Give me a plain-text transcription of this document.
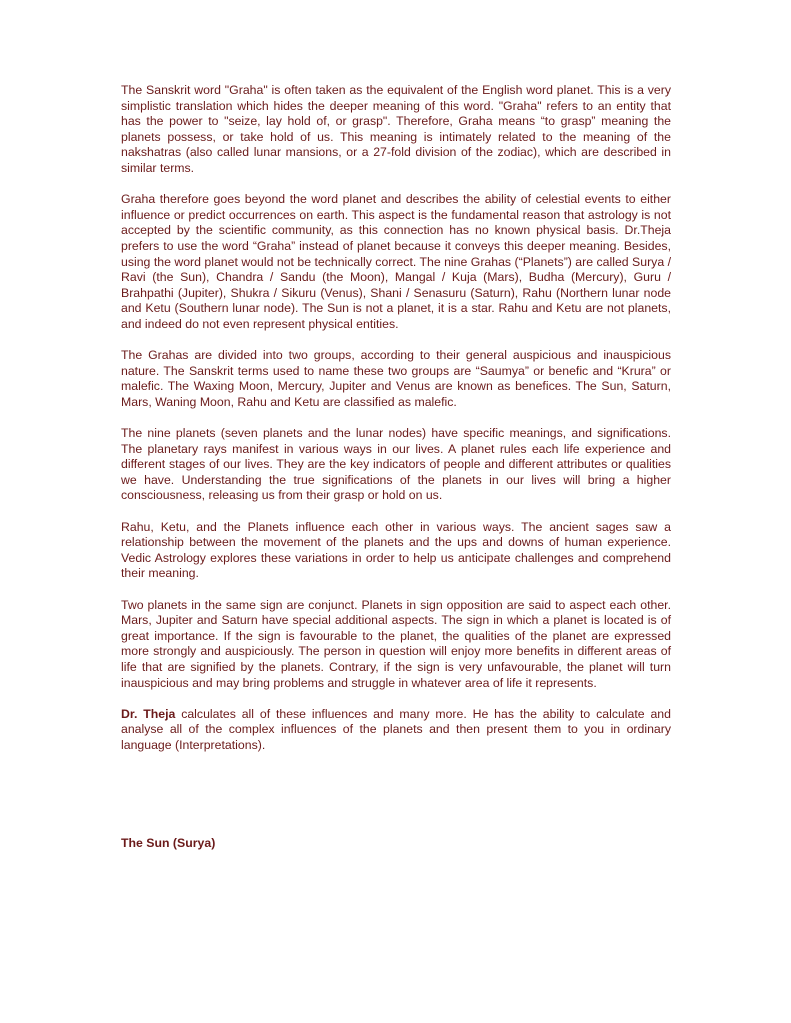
The Sanskrit word "Graha" is often taken as the equivalent of the English word planet. This is a very simplistic translation which hides the deeper meaning of this word. "Graha" refers to an entity that has the power to "seize, lay hold of, or grasp". Therefore, Graha means “to grasp” meaning the planets possess, or take hold of us. This meaning is intimately related to the meaning of the nakshatras (also called lunar mansions, or a 27-fold division of the zodiac), which are described in similar terms.

Graha therefore goes beyond the word planet and describes the ability of celestial events to either influence or predict occurrences on earth. This aspect is the fundamental reason that astrology is not accepted by the scientific community, as this connection has no known physical basis. Dr.Theja prefers to use the word “Graha” instead of planet because it conveys this deeper meaning. Besides, using the word planet would not be technically correct. The nine Grahas (“Planets”) are called Surya / Ravi (the Sun), Chandra / Sandu (the Moon), Mangal / Kuja (Mars), Budha (Mercury), Guru / Brahpathi (Jupiter), Shukra / Sikuru (Venus), Shani / Senasuru (Saturn), Rahu (Northern lunar node and Ketu (Southern lunar node). The Sun is not a planet, it is a star. Rahu and Ketu are not planets, and indeed do not even represent physical entities.

The Grahas are divided into two groups, according to their general auspicious and inauspicious nature. The Sanskrit terms used to name these two groups are “Saumya” or benefic and “Krura” or malefic. The Waxing Moon, Mercury, Jupiter and Venus are known as benefices. The Sun, Saturn, Mars, Waning Moon, Rahu and Ketu are classified as malefic.

The nine planets (seven planets and the lunar nodes) have specific meanings, and significations. The planetary rays manifest in various ways in our lives. A planet rules each life experience and different stages of our lives. They are the key indicators of people and different attributes or qualities we have. Understanding the true significations of the planets in our lives will bring a higher consciousness, releasing us from their grasp or hold on us.

Rahu, Ketu, and the Planets influence each other in various ways. The ancient sages saw a relationship between the movement of the planets and the ups and downs of human experience. Vedic Astrology explores these variations in order to help us anticipate challenges and comprehend their meaning.

Two planets in the same sign are conjunct. Planets in sign opposition are said to aspect each other. Mars, Jupiter and Saturn have special additional aspects. The sign in which a planet is located is of great importance. If the sign is favourable to the planet, the qualities of the planet are expressed more strongly and auspiciously. The person in question will enjoy more benefits in different areas of life that are signified by the planets. Contrary, if the sign is very unfavourable, the planet will turn inauspicious and may bring problems and struggle in whatever area of life it represents.

Dr. Theja calculates all of these influences and many more. He has the ability to calculate and analyse all of the complex influences of the planets and then present them to you in ordinary language (Interpretations).

The Sun (Surya)
